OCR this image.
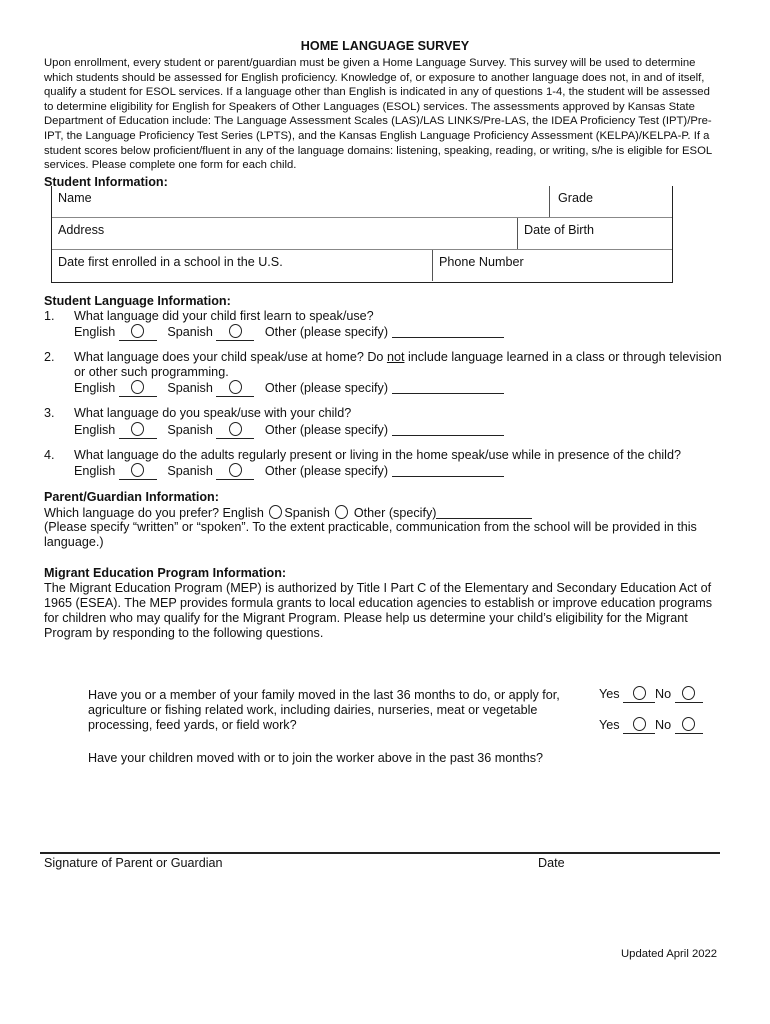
HOME LANGUAGE SURVEY
Upon enrollment, every student or parent/guardian must be given a Home Language Survey. This survey will be used to determine which students should be assessed for English proficiency. Knowledge of, or exposure to another language does not, in and of itself, qualify a student for ESOL services. If a language other than English is indicated in any of questions 1-4, the student will be assessed to determine eligibility for English for Speakers of Other Languages (ESOL) services. The assessments approved by Kansas State Department of Education include: The Language Assessment Scales (LAS)/LAS LINKS/Pre-LAS, the IDEA Proficiency Test (IPT)/Pre-IPT, the Language Proficiency Test Series (LPTS), and the Kansas English Language Proficiency Assessment (KELPA)/KELPA-P. If a student scores below proficient/fluent in any of the language domains: listening, speaking, reading, or writing, s/he is eligible for ESOL services. Please complete one form for each child.
Student Information:
Name	Grade
Address	Date of Birth
Date first enrolled in a school in the U.S.	Phone Number
Student Language Information:
1. What language did your child first learn to speak/use?
English	Spanish	Other (please specify)
2. What language does your child speak/use at home? Do not include language learned in a class or through television or other such programming.
English	Spanish	Other (please specify)
3. What language do you speak/use with your child?
English	Spanish	Other (please specify)
4. What language do the adults regularly present or living in the home speak/use while in presence of the child?
English	Spanish	Other (please specify)
Parent/Guardian Information:
Which language do you prefer? English Spanish Other (specify)
(Please specify “written” or “spoken”. To the extent practicable, communication from the school will be provided in this language.)
Migrant Education Program Information:
The Migrant Education Program (MEP) is authorized by Title I Part C of the Elementary and Secondary Education Act of 1965 (ESEA). The MEP provides formula grants to local education agencies to establish or improve education programs for children who may qualify for the Migrant Program. Please help us determine your child’s eligibility for the Migrant Program by responding to the following questions.
Have you or a member of your family moved in the last 36 months to do, or apply for, agriculture or fishing related work, including dairies, nurseries, meat or vegetable processing, feed yards, or field work?
Yes	No
Yes	No
Have your children moved with or to join the worker above in the past 36 months?
Signature of Parent or Guardian	Date
Updated April 2022
